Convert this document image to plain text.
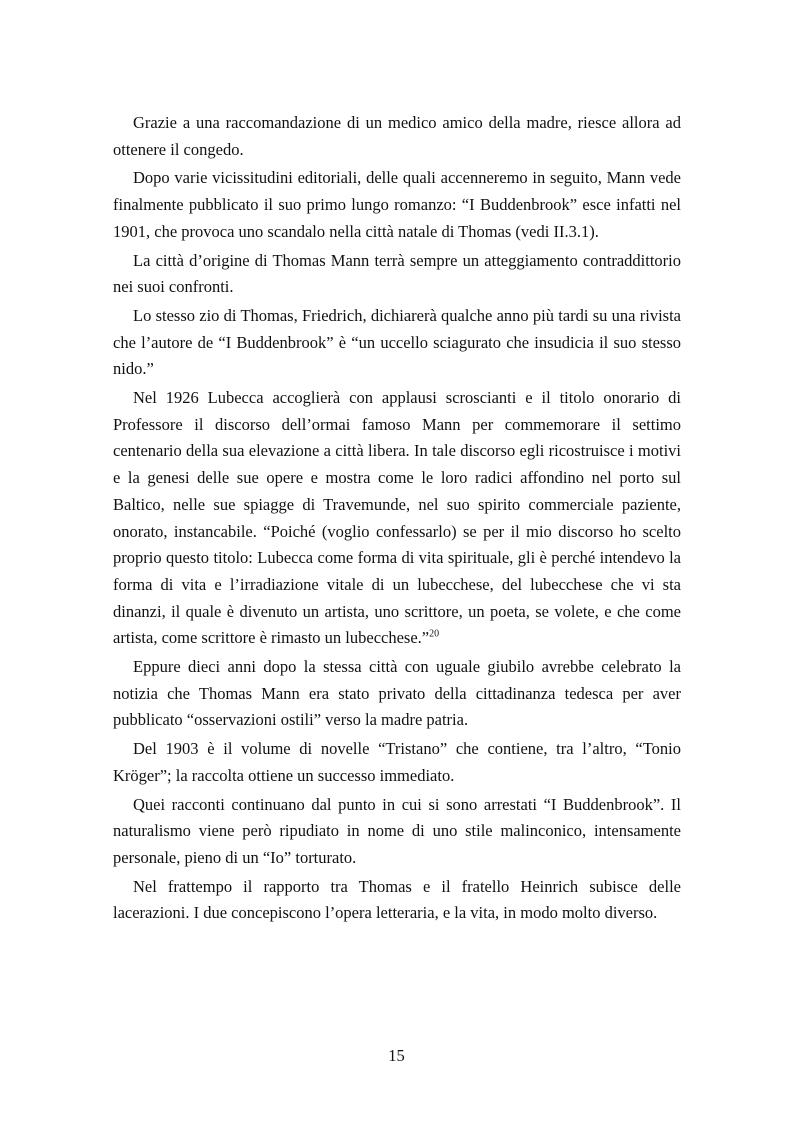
Grazie a una raccomandazione di un medico amico della madre, riesce allora ad ottenere il congedo.

Dopo varie vicissitudini editoriali, delle quali accenneremo in seguito, Mann vede finalmente pubblicato il suo primo lungo romanzo: “I Buddenbrook” esce infatti nel 1901, che provoca uno scandalo nella città natale di Thomas (vedi II.3.1).

La città d’origine di Thomas Mann terrà sempre un atteggiamento contraddittorio nei suoi confronti.

Lo stesso zio di Thomas, Friedrich, dichiarerà qualche anno più tardi su una rivista che l’autore de “I Buddenbrook” è “un uccello sciagurato che insudicia il suo stesso nido.”

Nel 1926 Lubecca accoglierà con applausi scroscianti e il titolo onorario di Professore il discorso dell’ormai famoso Mann per commemorare il settimo centenario della sua elevazione a città libera. In tale discorso egli ricostruisce i motivi e la genesi delle sue opere e mostra come le loro radici affondino nel porto sul Baltico, nelle sue spiagge di Travemunde, nel suo spirito commerciale paziente, onorato, instancabile. “Poiché (voglio confessarlo) se per il mio discorso ho scelto proprio questo titolo: Lubecca come forma di vita spirituale, gli è perché intendevo la forma di vita e l’irradiazione vitale di un lubecchese, del lubecchese che vi sta dinanzi, il quale è divenuto un artista, uno scrittore, un poeta, se volete, e che come artista, come scrittore è rimasto un lubecchese.”$^{20}$

Eppure dieci anni dopo la stessa città con uguale giubilo avrebbe celebrato la notizia che Thomas Mann era stato privato della cittadinanza tedesca per aver pubblicato “osservazioni ostili” verso la madre patria.

Del 1903 è il volume di novelle “Tristano” che contiene, tra l’altro, “Tonio Kröger”; la raccolta ottiene un successo immediato.

Quei racconti continuano dal punto in cui si sono arrestati “I Buddenbrook”. Il naturalismo viene però ripudiato in nome di uno stile malinconico, intensamente personale, pieno di un “Io” torturato.

Nel frattempo il rapporto tra Thomas e il fratello Heinrich subisce delle lacerazioni. I due concepiscono l’opera letteraria, e la vita, in modo molto diverso.

15
